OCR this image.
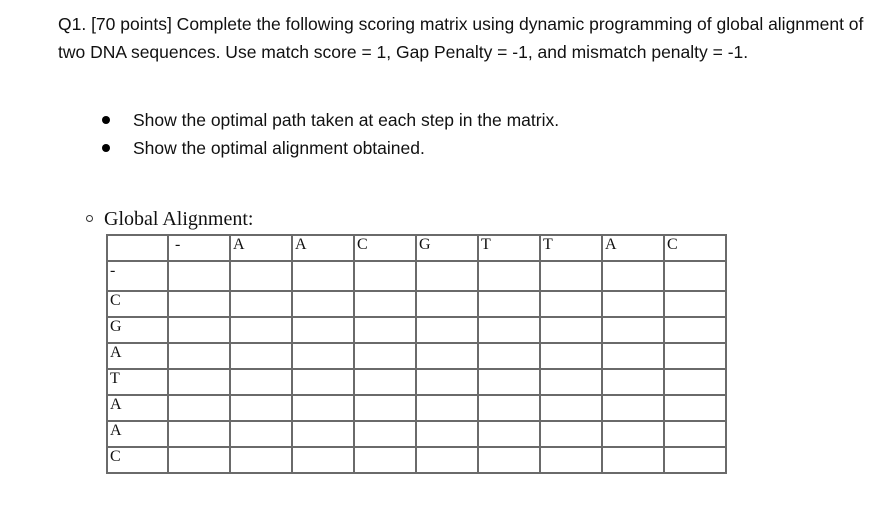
Q1. [70 points] Complete the following scoring matrix using dynamic programming of global alignment of two DNA sequences. Use match score = 1, Gap Penalty = -1, and mismatch penalty = -1.

Show the optimal path taken at each step in the matrix.
Show the optimal alignment obtained.
Global Alignment:
	-	A	A	C	G	T	T	A	C
-									
C									
G									
A									
T									
A									
A									
C									
